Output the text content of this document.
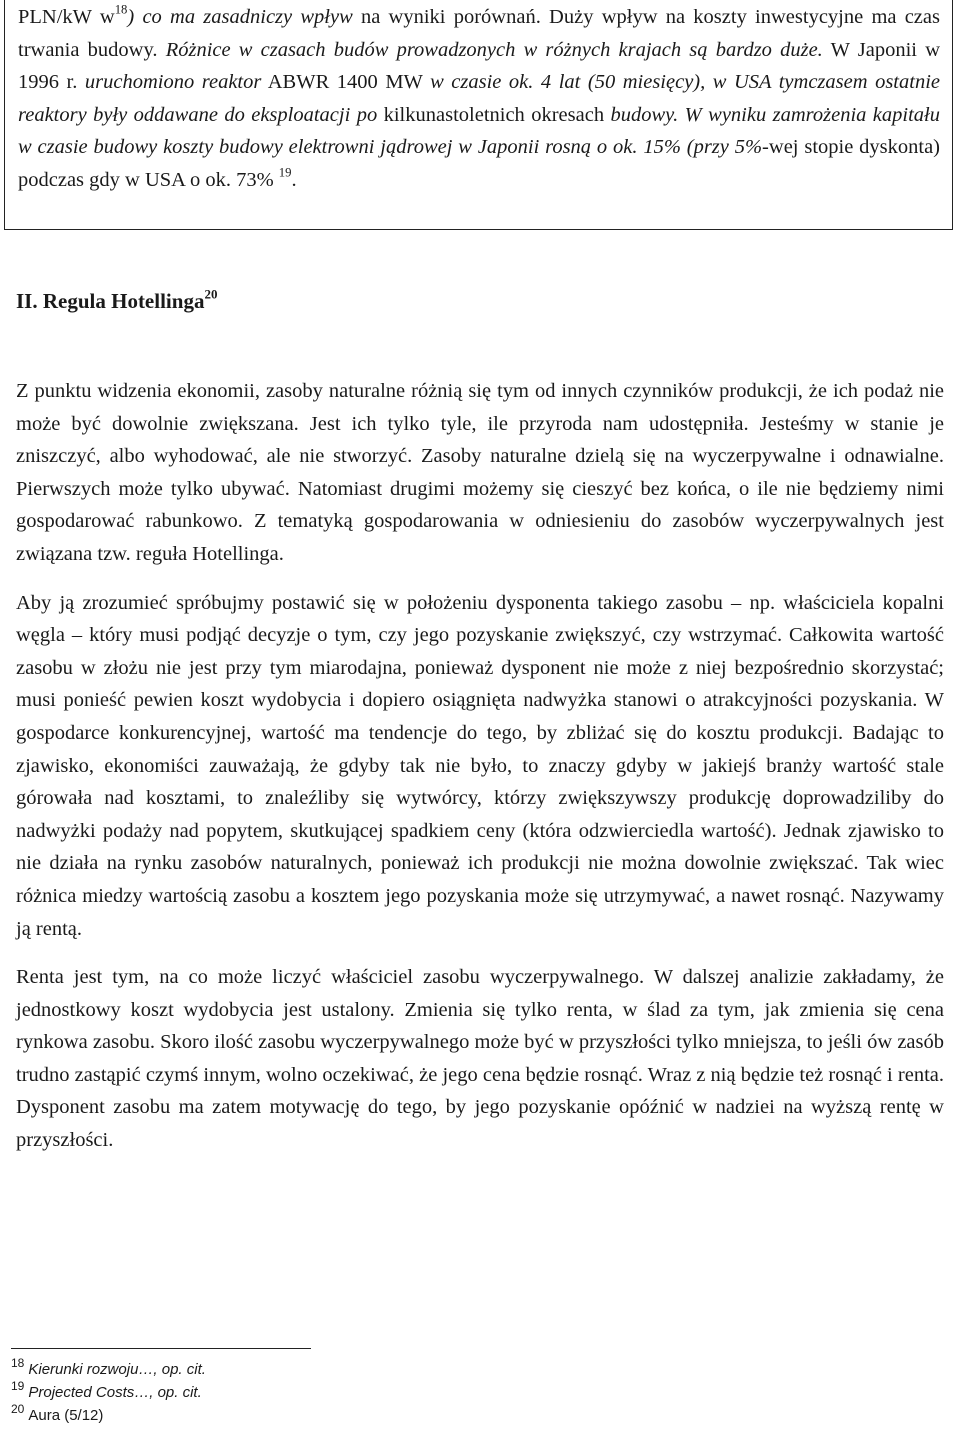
PLN/kW $w^{18}$) co ma zasadniczy wpływ na wyniki porównań. Duży wpływ na koszty inwestycyjne ma czas trwania budowy. Różnice w czasach budów prowadzonych w różnych krajach są bardzo duże. W Japonii w 1996 r. uruchomiono reaktor ABWR 1400 MW w czasie ok. 4 lat (50 miesięcy), w USA tymczasem ostatnie reaktory były oddawane do eksploatacji po kilkunastoletnich okresach budowy. W wyniku zamrożenia kapitału w czasie budowy koszty budowy elektrowni jądrowej w Japonii rosną o ok. 15% (przy 5%-wej stopie dyskonta) podczas gdy w USA o ok. 73% $^{19}$.

II. Regula Hotellinga$^{20}$

Z punktu widzenia ekonomii, zasoby naturalne różnią się tym od innych czynników produkcji, że ich podaż nie może być dowolnie zwiększana. Jest ich tylko tyle, ile przyroda nam udostępniła. Jesteśmy w stanie je zniszczyć, albo wyhodować, ale nie stworzyć. Zasoby naturalne dzielą się na wyczerpywalne i odnawialne. Pierwszych może tylko ubywać. Natomiast drugimi możemy się cieszyć bez końca, o ile nie będziemy nimi gospodarować rabunkowo. Z tematyką gospodarowania w odniesieniu do zasobów wyczerpywalnych jest związana tzw. reguła Hotellinga.

Aby ją zrozumieć spróbujmy postawić się w położeniu dysponenta takiego zasobu – np. właściciela kopalni węgla – który musi podjąć decyzje o tym, czy jego pozyskanie zwiększyć, czy wstrzymać. Całkowita wartość zasobu w złożu nie jest przy tym miarodajna, ponieważ dysponent nie może z niej bezpośrednio skorzystać; musi ponieść pewien koszt wydobycia i dopiero osiągnięta nadwyżka stanowi o atrakcyjności pozyskania. W gospodarce konkurencyjnej, wartość ma tendencje do tego, by zbliżać się do kosztu produkcji. Badając to zjawisko, ekonomiści zauważają, że gdyby tak nie było, to znaczy gdyby w jakiejś branży wartość stale górowała nad kosztami, to znaleźliby się wytwórcy, którzy zwiększywszy produkcję doprowadziliby do nadwyżki podaży nad popytem, skutkującej spadkiem ceny (która odzwierciedla wartość). Jednak zjawisko to nie działa na rynku zasobów naturalnych, ponieważ ich produkcji nie można dowolnie zwiększać. Tak wiec różnica miedzy wartością zasobu a kosztem jego pozyskania może się utrzymywać, a nawet rosnąć. Nazywamy ją rentą.

Renta jest tym, na co może liczyć właściciel zasobu wyczerpywalnego. W dalszej analizie zakładamy, że jednostkowy koszt wydobycia jest ustalony. Zmienia się tylko renta, w ślad za tym, jak zmienia się cena rynkowa zasobu. Skoro ilość zasobu wyczerpywalnego może być w przyszłości tylko mniejsza, to jeśli ów zasób trudno zastąpić czymś innym, wolno oczekiwać, że jego cena będzie rosnąć. Wraz z nią będzie też rosnąć i renta. Dysponent zasobu ma zatem motywację do tego, by jego pozyskanie opóźnić w nadziei na wyższą rentę w przyszłości.

$^{18}$ Kierunki rozwoju…, op. cit.

$^{19}$ Projected Costs…, op. cit.

$^{20}$ Aura (5/12)
